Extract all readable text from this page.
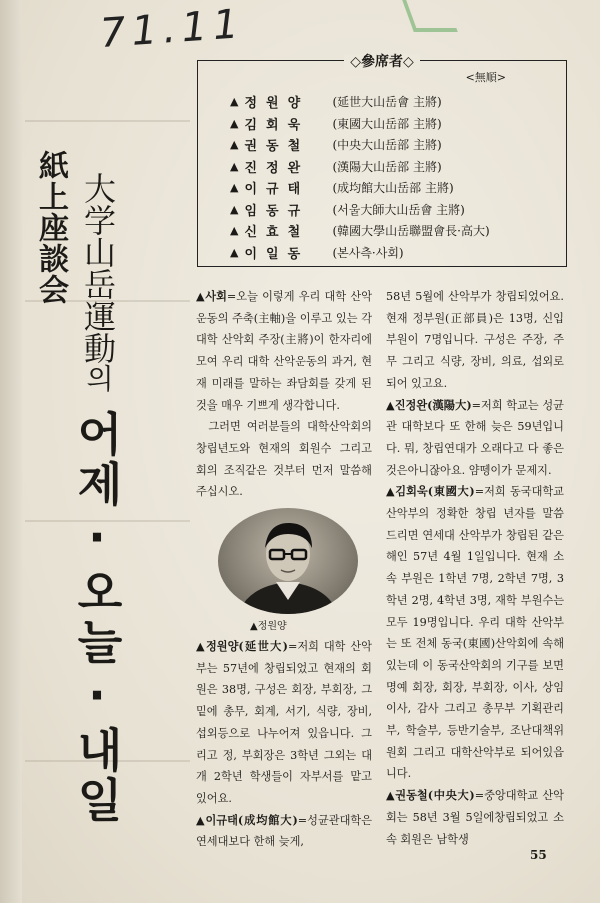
71.11
紙上座談会 大学山岳運動의
어제·오늘·내일
◇參席者◇
<無順>
▲ 정원양	(延世大山岳會 主將)
▲ 김회욱	(東國大山岳部 主將)
▲ 권동철	(中央大山岳部 主將)
▲ 진정완	(漢陽大山岳部 主將)
▲ 이규태	(成均館大山岳部 主將)
▲ 임동규	(서울大師大山岳會 主將)
▲ 신효철	(韓國大學山岳聯盟會長·高大)
▲ 이일동	(본사측·사회)

▲사회=오늘 이렇게 우리 대학 산악운동의 주축(主軸)을 이루고 있는 각대학 산악회 주장(主將)이 한자리에 모여 우리 대학 산악운동의 과거, 현재 미래를 말하는 좌담회를 갖게 된 것을 매우 기쁘게 생각합니다.

그러면 여러분들의 대학산악회의 창립년도와 현재의 회원수 그리고 회의 조직같은 것부터 먼저 말씀해 주십시오.

▲정원양

▲정원양(延世大)=저희 대학 산악부는 57년에 창립되었고 현재의 회원은 38명, 구성은 회장, 부회장, 그밑에 총무, 회계, 서기, 식량, 장비, 섭외등으로 나누어져 있읍니다. 그리고 정, 부회장은 3학년 그외는 대개 2학년 학생들이 자부서를 맡고 있어요.

▲이규태(成均館大)=성균관대학은 연세대보다 한해 늦게,

58년 5월에 산악부가 창립되었어요. 현재 정부원(正部員)은 13명, 신입부원이 7명입니다. 구성은 주장, 주무 그리고 식량, 장비, 의료, 섭외로 되어 있고요.

▲진정완(漢陽大)=저희 학교는 성균관 대학보다 또 한해 늦은 59년입니다. 뭐, 창립연대가 오래다고 다 좋은 것은아니잖아요. 얌뗑이가 문제지.

▲김회욱(東國大)=저희 동국대학교산악부의 정확한 창립 년자를 말씀 드리면 연세대 산악부가 창립된 같은 해인 57년 4월 1일입니다. 현재 소속 부원은 1학년 7명, 2학년 7명, 3학년 2명, 4학년 3명, 재학 부원수는 모두 19명입니다. 우리 대학 산악부는 또 전체 동국(東國)산악회에 속해 있는데 이 동국산악회의 기구를 보면 명예 회장, 회장, 부회장, 이사, 상임이사, 감사 그리고 총무부 기획관리부, 학술부, 등반기술부, 조난대책위원회 그리고 대학산악부로 되어있읍니다.

▲권동철(中央大)=중앙대학교 산악회는 58년 3월 5일에창립되었고 소속 회원은 남학생

55
